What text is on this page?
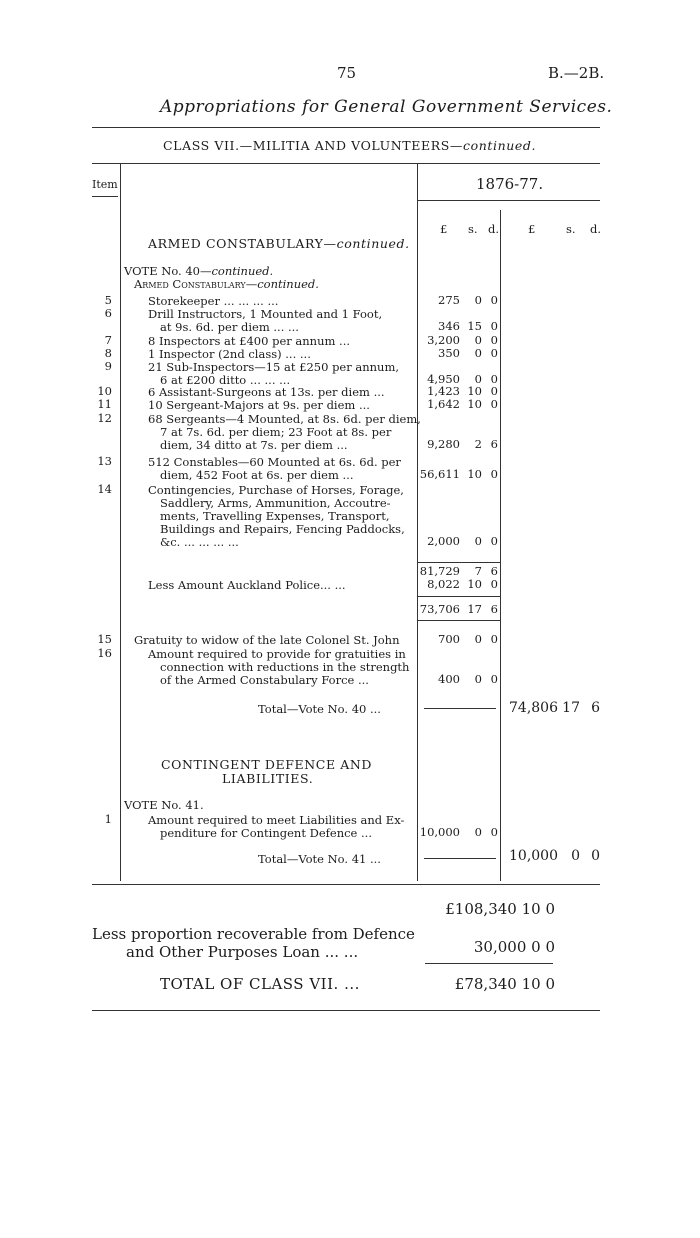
75	B.—2B.
Appropriations for General Government Services.
CLASS VII.—MILITIA AND VOLUNTEERS—continued.
Item	1876-77.
£ s. d.	£	s. d.
ARMED CONSTABULARY—continued.
VOTE No. 40—continued.
Armed Constabulary—continued.
5	Storekeeper ... ... ... ...	275	0 0
6	Drill Instructors, 1 Mounted and 1 Foot,
at 9s. 6d. per diem ... ...	346 15 0
7	8 Inspectors at £400 per annum ...	3,200	0 0
8	1 Inspector (2nd class) ... ...	350	0 0
9	21 Sub-Inspectors—15 at £250 per annum,
6 at £200 ditto ... ... ...	4,950	0 0
10	6 Assistant-Surgeons at 13s. per diem ...	1,423 10 0
11	10 Sergeant-Majors at 9s. per diem ...	1,642 10 0
12	68 Sergeants—4 Mounted, at 8s. 6d. per diem,
7 at 7s. 6d. per diem; 23 Foot at 8s. per
diem, 34 ditto at 7s. per diem ...	9,280	2 6
13	512 Constables—60 Mounted at 6s. 6d. per
diem, 452 Foot at 6s. per diem ...	56,611 10 0
14	Contingencies, Purchase of Horses, Forage,
Saddlery, Arms, Ammunition, Accoutre-
ments, Travelling Expenses, Transport,
Buildings and Repairs, Fencing Paddocks,
&c. ... ... ... ...	2,000	0 0
81,729	7 6
Less Amount Auckland Police... ...	8,022 10 0
73,706 17 6
15 Gratuity to widow of the late Colonel St. John	700	0 0
16	Amount required to provide for gratuities in
connection with reductions in the strength
of the Armed Constabulary Force ...	400	0 0
Total—Vote No. 40 ...	74,806 17 6
CONTINGENT DEFENCE AND
LIABILITIES.
VOTE No. 41.
1	Amount required to meet Liabilities and Ex-
penditure for Contingent Defence ...	10,000	0 0
Total—Vote No. 41 ...	10,000 0 0
£108,340 10 0
Less proportion recoverable from Defence
and Other Purposes Loan ... ...	30,000 0 0
TOTAL OF CLASS VII. ...	£78,340 10 0
